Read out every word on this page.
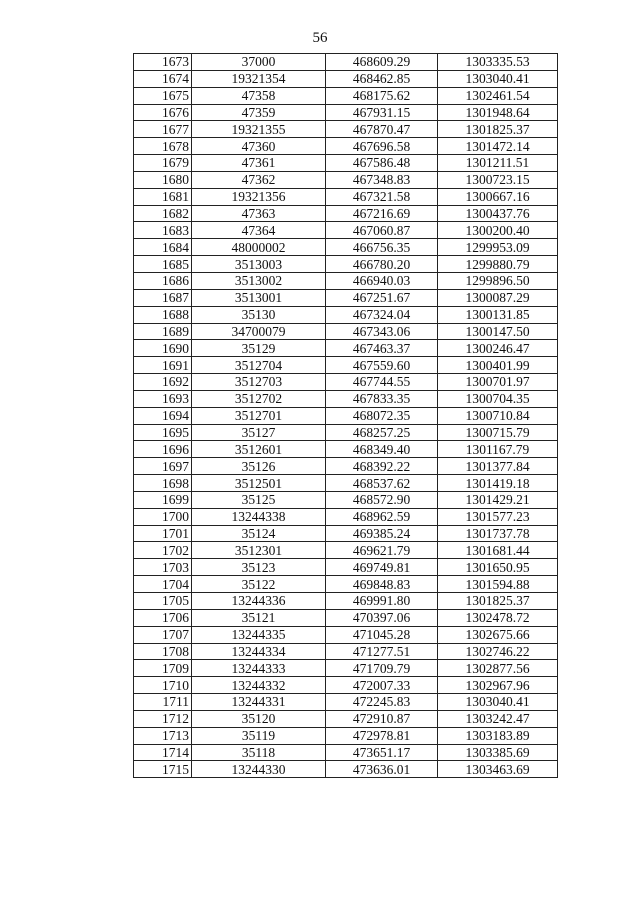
56
1673	37000	468609.29	1303335.53
1674	19321354	468462.85	1303040.41
1675	47358	468175.62	1302461.54
1676	47359	467931.15	1301948.64
1677	19321355	467870.47	1301825.37
1678	47360	467696.58	1301472.14
1679	47361	467586.48	1301211.51
1680	47362	467348.83	1300723.15
1681	19321356	467321.58	1300667.16
1682	47363	467216.69	1300437.76
1683	47364	467060.87	1300200.40
1684	48000002	466756.35	1299953.09
1685	3513003	466780.20	1299880.79
1686	3513002	466940.03	1299896.50
1687	3513001	467251.67	1300087.29
1688	35130	467324.04	1300131.85
1689	34700079	467343.06	1300147.50
1690	35129	467463.37	1300246.47
1691	3512704	467559.60	1300401.99
1692	3512703	467744.55	1300701.97
1693	3512702	467833.35	1300704.35
1694	3512701	468072.35	1300710.84
1695	35127	468257.25	1300715.79
1696	3512601	468349.40	1301167.79
1697	35126	468392.22	1301377.84
1698	3512501	468537.62	1301419.18
1699	35125	468572.90	1301429.21
1700	13244338	468962.59	1301577.23
1701	35124	469385.24	1301737.78
1702	3512301	469621.79	1301681.44
1703	35123	469749.81	1301650.95
1704	35122	469848.83	1301594.88
1705	13244336	469991.80	1301825.37
1706	35121	470397.06	1302478.72
1707	13244335	471045.28	1302675.66
1708	13244334	471277.51	1302746.22
1709	13244333	471709.79	1302877.56
1710	13244332	472007.33	1302967.96
1711	13244331	472245.83	1303040.41
1712	35120	472910.87	1303242.47
1713	35119	472978.81	1303183.89
1714	35118	473651.17	1303385.69
1715	13244330	473636.01	1303463.69
